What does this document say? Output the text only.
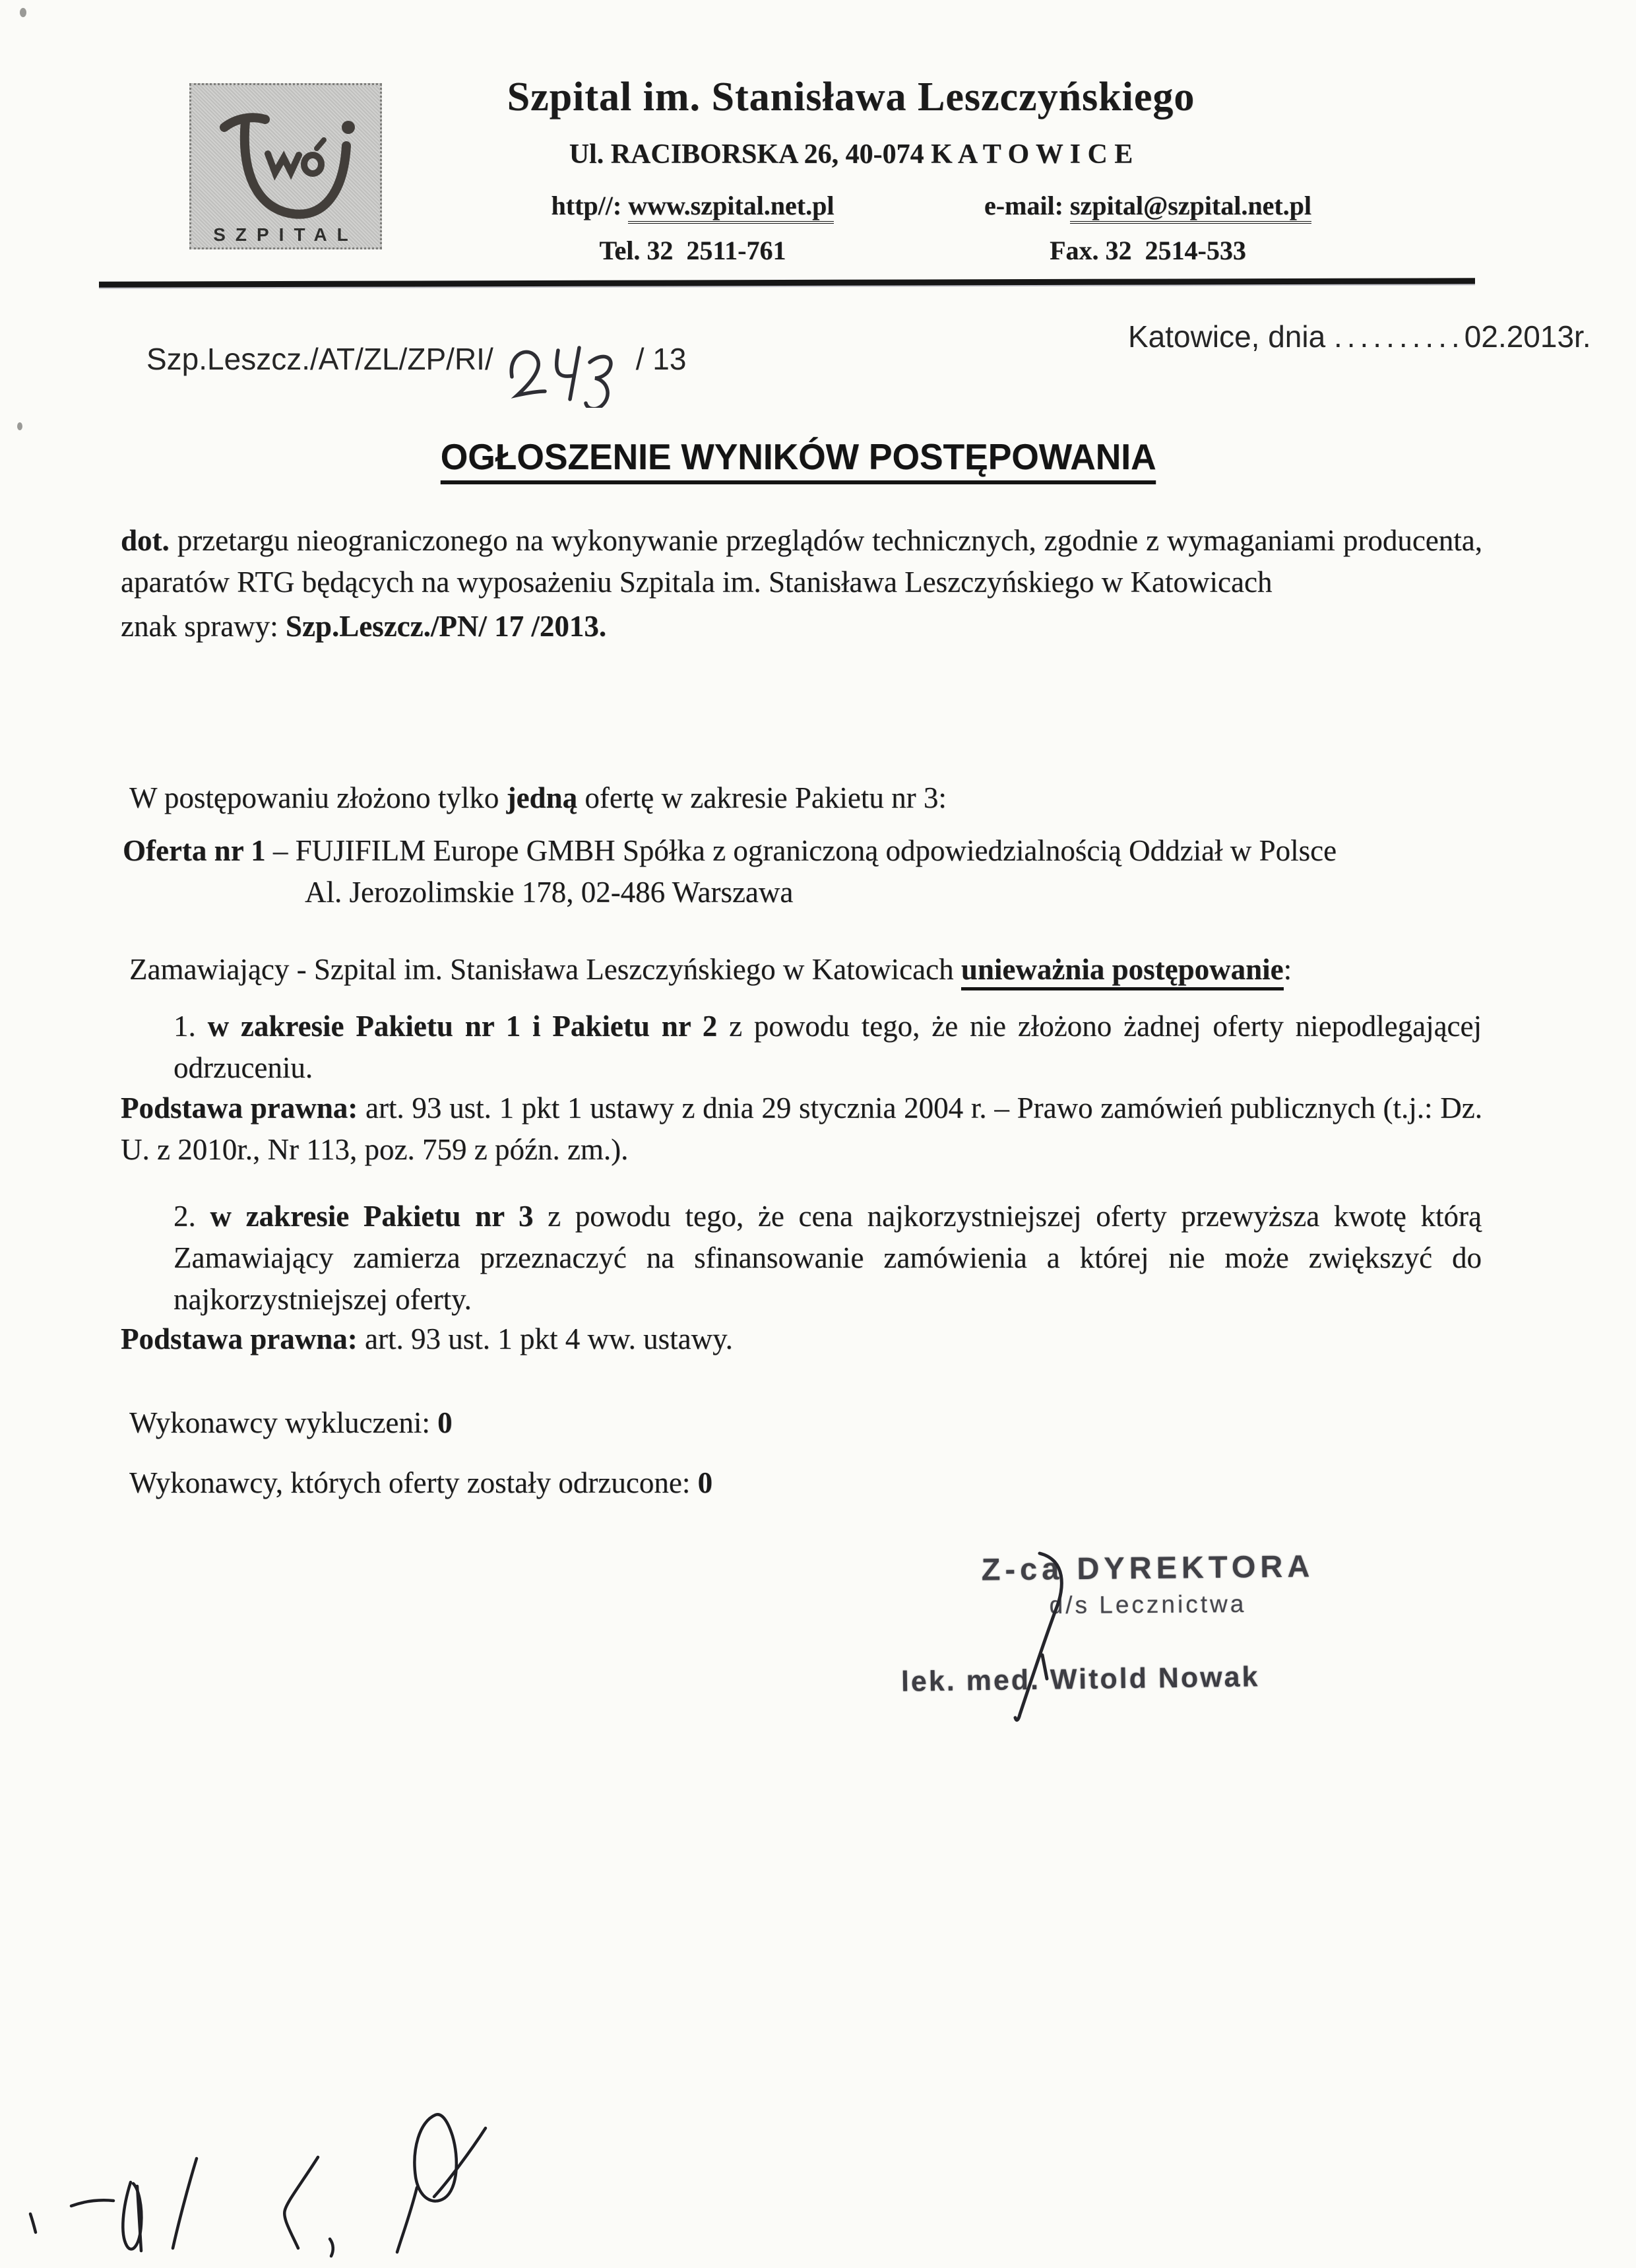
SZPITAL
Szpital im. Stanisława Leszczyńskiego
Ul. RACIBORSKA 26, 40-074 K A T O W I C E
http//: www.szpital.net.pl	e-mail: szpital@szpital.net.pl
Tel. 32  2511-761	Fax. 32  2514-533
Szp.Leszcz./AT/ZL/ZP/RI/	/ 13
Katowice, dnia ..........02.2013r.
OGŁOSZENIE WYNIKÓW POSTĘPOWANIA
dot. przetargu nieograniczonego na wykonywanie przeglądów technicznych, zgodnie z wymaganiami producenta, aparatów RTG będących na wyposażeniu Szpitala im. Stanisława Leszczyńskiego w Katowicach
znak sprawy: Szp.Leszcz./PN/ 17 /2013.
W postępowaniu złożono tylko jedną ofertę w zakresie Pakietu nr 3:
Oferta nr 1 – FUJIFILM Europe GMBH Spółka z ograniczoną odpowiedzialnością Oddział w Polsce
Al. Jerozolimskie 178, 02-486 Warszawa
Zamawiający - Szpital im. Stanisława Leszczyńskiego w Katowicach unieważnia postępowanie:
1. w zakresie Pakietu nr 1 i Pakietu nr 2 z powodu tego, że nie złożono żadnej oferty niepodlegającej odrzuceniu.
Podstawa prawna: art. 93 ust. 1 pkt 1 ustawy z dnia 29 stycznia 2004 r. – Prawo zamówień publicznych (t.j.: Dz. U. z 2010r., Nr 113, poz. 759 z późn. zm.).
2. w zakresie Pakietu nr 3 z powodu tego, że cena najkorzystniejszej oferty przewyższa kwotę którą Zamawiający zamierza przeznaczyć na sfinansowanie zamówienia a której nie może zwiększyć do najkorzystniejszej oferty.
Podstawa prawna: art. 93 ust. 1 pkt 4 ww. ustawy.
Wykonawcy wykluczeni: 0
Wykonawcy, których oferty zostały odrzucone: 0
Z-ca DYREKTORA
d/s Lecznictwa
lek. med. Witold Nowak
